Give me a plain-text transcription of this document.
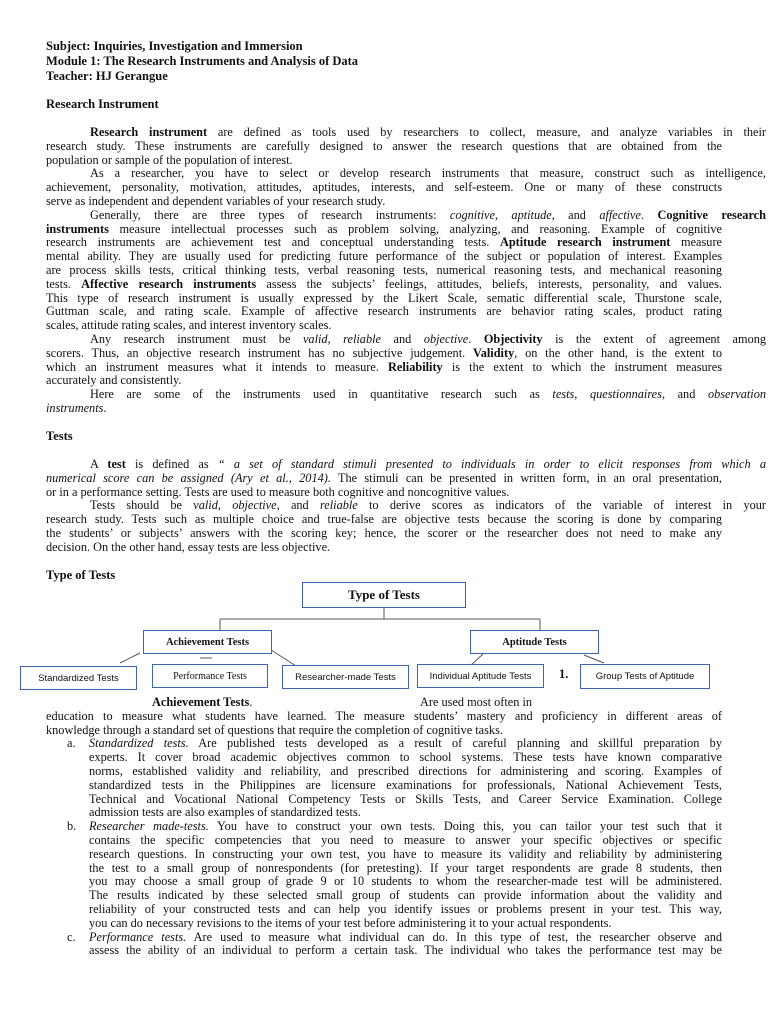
Subject: Inquiries, Investigation and Immersion
Module 1: The Research Instruments and Analysis of Data
Teacher: HJ Gerangue
Research Instrument
Research instrument are defined as tools used by researchers to collect, measure, and analyze variables in their
research study. These instruments are carefully designed to answer the research questions that are obtained from the
population or sample of the population of interest.
As a researcher, you have to select or develop research instruments that measure, construct such as intelligence,
achievement, personality, motivation, attitudes, aptitudes, interests, and self-esteem. One or many of these constructs
serve as independent and dependent variables of your research study.
Generally, there are three types of research instruments: cognitive, aptitude, and affective. Cognitive research
instruments measure intellectual processes such as problem solving, analyzing, and reasoning. Example of cognitive
research instruments are achievement test and conceptual understanding tests. Aptitude research instrument measure
mental ability. They are usually used for predicting future performance of the subject or population of interest. Examples
are process skills tests, critical thinking tests, verbal reasoning tests, numerical reasoning tests, and mechanical reasoning
tests. Affective research instruments assess the subjects’ feelings, attitudes, beliefs, interests, personality, and values.
This type of research instrument is usually expressed by the Likert Scale, sematic differential scale, Thurstone scale,
Guttman scale, and rating scale. Example of affective research instruments are behavior rating scales, product rating
scales, attitude rating scales, and interest inventory scales.
Any research instrument must be valid, reliable and objective. Objectivity is the extent of agreement among
scorers. Thus, an objective research instrument has no subjective judgement. Validity, on the other hand, is the extent to
which an instrument measures what it intends to measure. Reliability is the extent to which the instrument measures
accurately and consistently.
Here are some of the instruments used in quantitative research such as tests, questionnaires, and observation
instruments.
Tests
A test is defined as “ a set of standard stimuli presented to individuals in order to elicit responses from which a
numerical score can be assigned (Ary et al., 2014). The stimuli can be presented in written form, in an oral presentation,
or in a performance setting. Tests are used to measure both cognitive and noncognitive values.
Tests should be valid, objective, and reliable to derive scores as indicators of the variable of interest in your
research study. Tests such as multiple choice and true-false are objective tests because the scoring is done by comparing
the students’ or subjects’ answers with the scoring key; hence, the scorer or the researcher does not need to make any
decision. On the other hand, essay tests are less objective.
Type of Tests
Type of Tests
Achievement Tests	Aptitude Tests
Standardized Tests	Performance Tests	Researcher-made Tests	Individual Aptitude Tests	Group Tests of Aptitude
1.
Achievement Tests.	Are used most often in
education to measure what students have learned. The measure students’ mastery and proficiency in different areas of
knowledge through a standard set of questions that require the completion of cognitive tasks.
a. Standardized tests. Are published tests developed as a result of careful planning and skillful preparation by
experts. It cover broad academic objectives common to school systems. These tests have known comparative
norms, established validity and reliability, and prescribed directions for administering and scoring. Examples of
standardized tests in the Philippines are licensure examinations for professionals, National Achievement Tests,
Technical and Vocational National Competency Tests or Skills Tests, and Career Service Examination. College
admission tests are also examples of standardized tests.
b. Researcher made-tests. You have to construct your own tests. Doing this, you can tailor your test such that it
contains the specific competencies that you need to measure to answer your specific objectives or specific
research questions. In constructing your own test, you have to measure its validity and reliability by administering
the test to a small group of nonrespondents (for pretesting). If your target respondents are grade 8 students, then
you may choose a small group of grade 9 or 10 students to whom the researcher-made test will be administered.
The results indicated by these selected small group of students can provide information about the validity and
reliability of your constructed tests and can help you identify issues or problems present in your test. This way,
you can do necessary revisions to the items of your test before administering it to your actual respondents.
c. Performance tests. Are used to measure what individual can do. In this type of test, the researcher observe and
assess the ability of an individual to perform a certain task. The individual who takes the performance test may be
